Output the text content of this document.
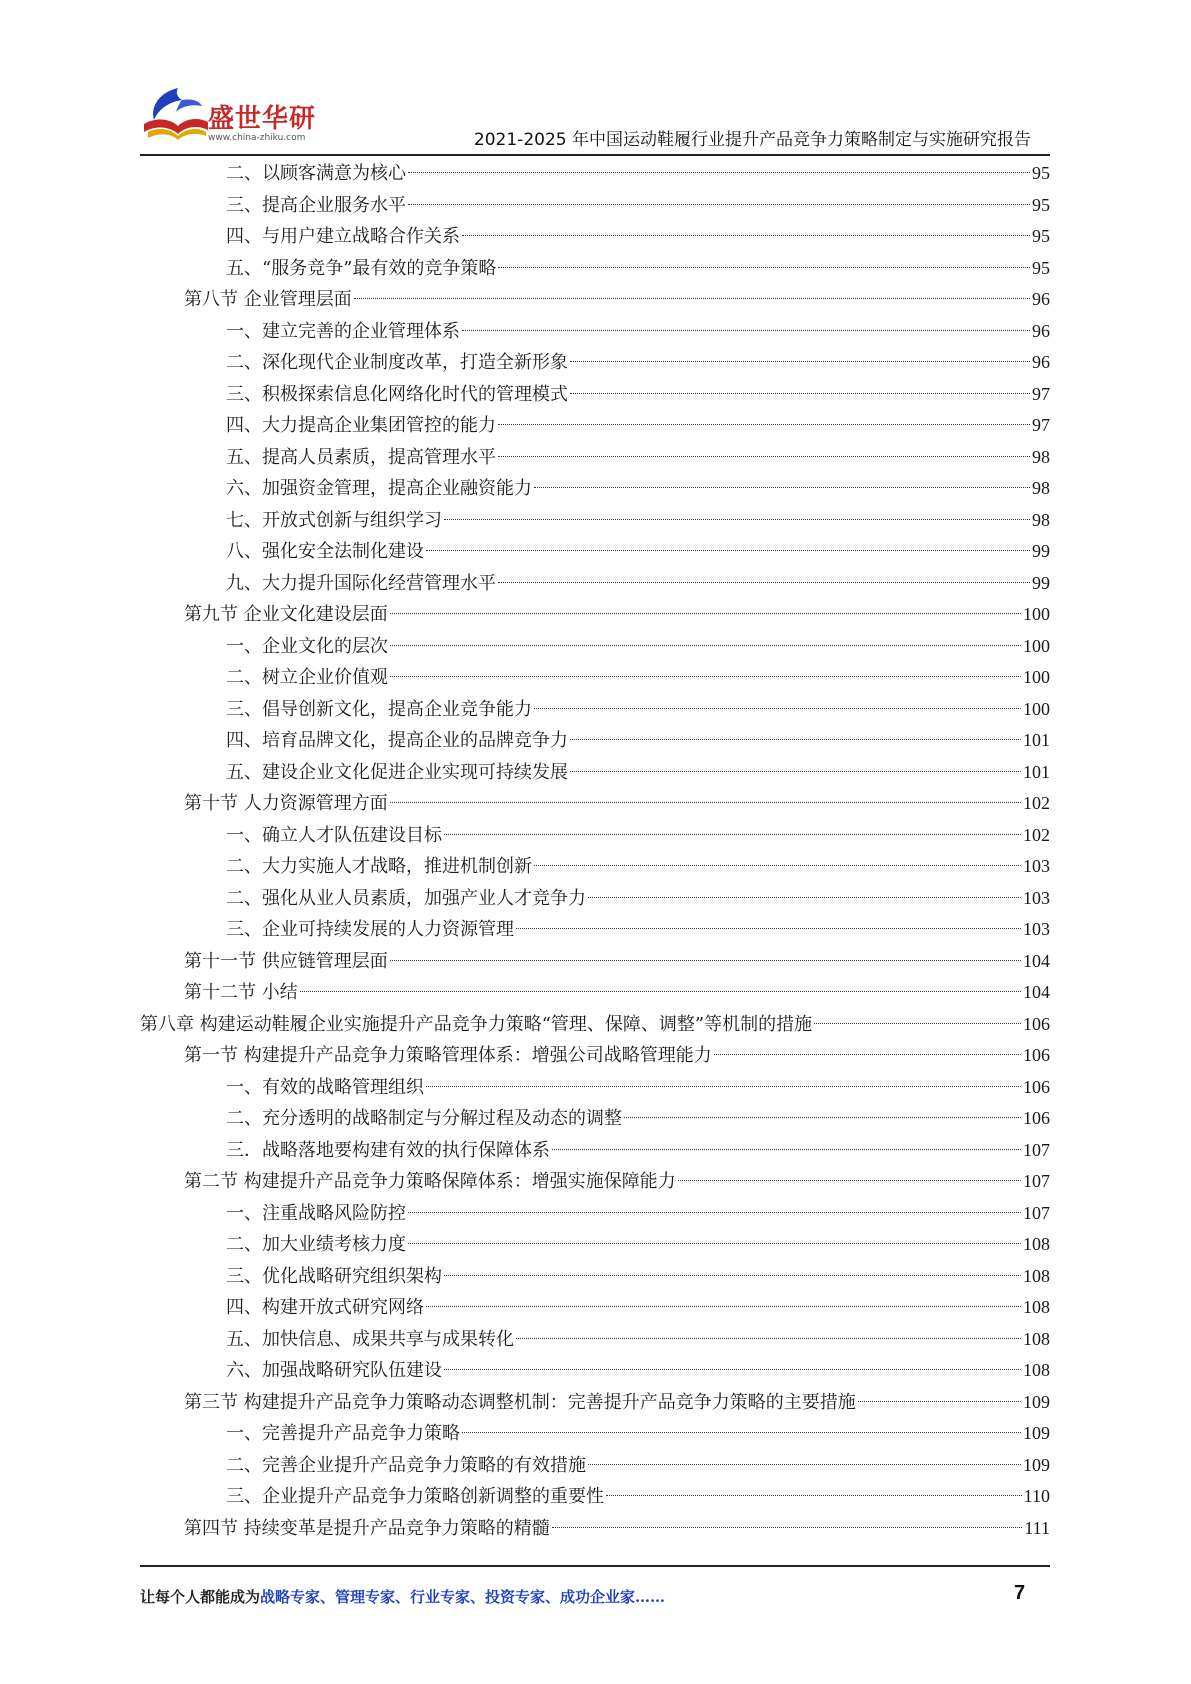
盛世华研
www.china-zhiku.com	2021-2025 年中国运动鞋履行业提升产品竞争力策略制定与实施研究报告
二、以顾客满意为核心	95
三、提高企业服务水平	95
四、与用户建立战略合作关系	95
五、“服务竞争”最有效的竞争策略	95
第八节 企业管理层面	96
一、建立完善的企业管理体系	96
二、深化现代企业制度改革，打造全新形象	96
三、积极探索信息化网络化时代的管理模式	97
四、大力提高企业集团管控的能力	97
五、提高人员素质，提高管理水平	98
六、加强资金管理，提高企业融资能力	98
七、开放式创新与组织学习	98
八、强化安全法制化建设	99
九、大力提升国际化经营管理水平	99
第九节 企业文化建设层面	100
一、企业文化的层次	100
二、树立企业价值观	100
三、倡导创新文化，提高企业竞争能力	100
四、培育品牌文化，提高企业的品牌竞争力	101
五、建设企业文化促进企业实现可持续发展	101
第十节 人力资源管理方面	102
一、确立人才队伍建设目标	102
二、大力实施人才战略，推进机制创新	103
二、强化从业人员素质，加强产业人才竞争力	103
三、企业可持续发展的人力资源管理	103
第十一节 供应链管理层面	104
第十二节 小结	104
第八章 构建运动鞋履企业实施提升产品竞争力策略“管理、保障、调整”等机制的措施	106
第一节 构建提升产品竞争力策略管理体系：增强公司战略管理能力	106
一、有效的战略管理组织	106
二、充分透明的战略制定与分解过程及动态的调整	106
三．战略落地要构建有效的执行保障体系	107
第二节 构建提升产品竞争力策略保障体系：增强实施保障能力	107
一、注重战略风险防控	107
二、加大业绩考核力度	108
三、优化战略研究组织架构	108
四、构建开放式研究网络	108
五、加快信息、成果共享与成果转化	108
六、加强战略研究队伍建设	108
第三节 构建提升产品竞争力策略动态调整机制：完善提升产品竞争力策略的主要措施	109
一、完善提升产品竞争力策略	109
二、完善企业提升产品竞争力策略的有效措施	109
三、企业提升产品竞争力策略创新调整的重要性	110
第四节 持续变革是提升产品竞争力策略的精髓	111
让每个人都能成为战略专家、管理专家、行业专家、投资专家、成功企业家……	7
